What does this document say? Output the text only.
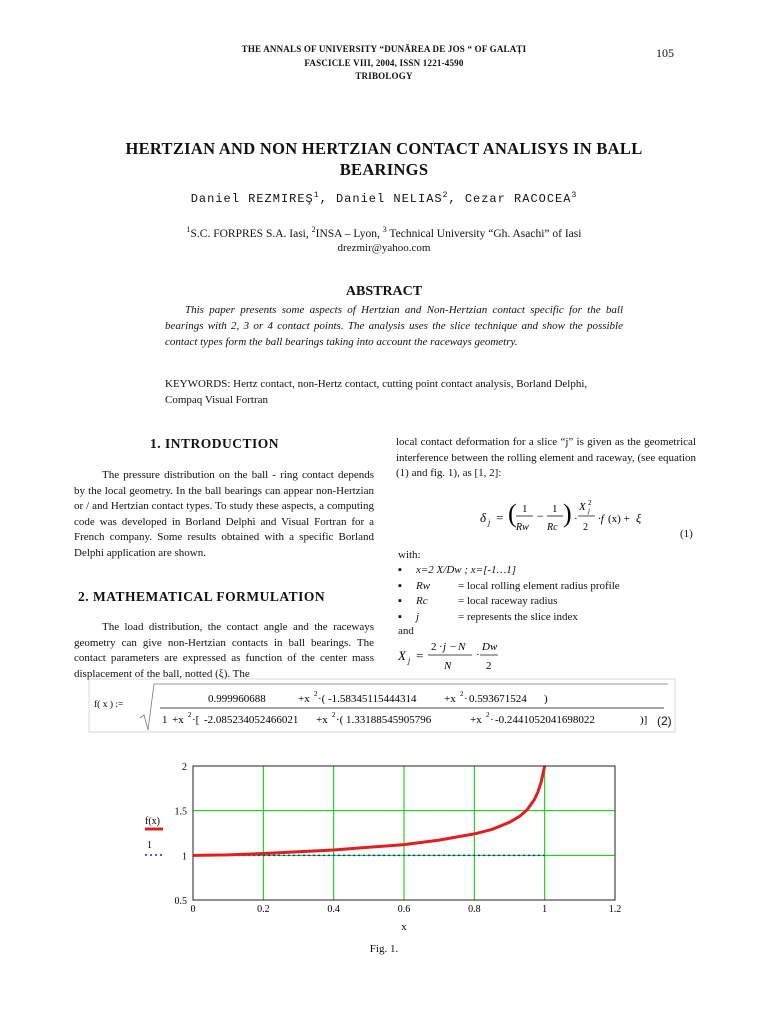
THE ANNALS OF UNIVERSITY “DUNĂREA DE JOS “ OF GALAȚI
FASCICLE VIII, 2004, ISSN 1221-4590
TRIBOLOGY
105
HERTZIAN AND NON HERTZIAN CONTACT ANALISYS IN BALL
BEARINGS
Daniel REZMIREŞ$^1$, Daniel NELIAS$^2$, Cezar RACOCEA$^3$
$^1$S.C. FORPRES S.A. Iasi, $^2$INSA – Lyon, $^3$ Technical University “Gh. Asachi” of Iasi
drezmir@yahoo.com
ABSTRACT
This paper presents some aspects of Hertzian and Non-Hertzian contact specific for the ball bearings with 2, 3 or 4 contact points. The analysis uses the slice technique and show the possible contact types form the ball bearings taking into account the raceways geometry.
KEYWORDS: Hertz contact, non-Hertz contact, cutting point contact analysis, Borland Delphi, Compaq Visual Fortran
1. INTRODUCTION
The pressure distribution on the ball - ring contact depends by the local geometry. In the ball bearings can appear non-Hertzian or / and Hertzian contact types. To study these aspects, a computing code was developed in Borland Delphi and Visual Fortran for a French company. Some results obtained with a specific Borland Delphi application are shown.
2. MATHEMATICAL FORMULATION
The load distribution, the contact angle and the raceways geometry can give non-Hertzian contacts in ball bearings. The contact parameters are expressed as function of the center mass displacement of the ball, notted (ξ). The
local contact deformation for a slice “j” is given as the geometrical interference between the rolling element and raceway, (see equation (1) and fig. 1), as [1, 2]:
δ j = ( 1
Rw
− 1
Rc ) ·
X j
2
2
·f (x) + ξ
(1)
with:
▪ x=2 X/Dw ; x=[-1…1]
▪ Rw	= local rolling element radius profile
▪ Rc	= local raceway radius
▪ j	= represents the slice index
and
X j =
2 · j − N
N
·
Dw
2
f( x ) :=	0.999960688	+x 2 ·( -1.58345115444314 +x 2 · 0.593671524 )
1 +x 2 ·[ -2.085234052466021 +x 2 ·( 1.33188545905796	+x 2 · -0.2441052041698022	)] (2)
0	0.2	0.4	0.6	0.8	1	1.2
0.5
1
1.5
2
x
f(x)
1
Fig. 1.
